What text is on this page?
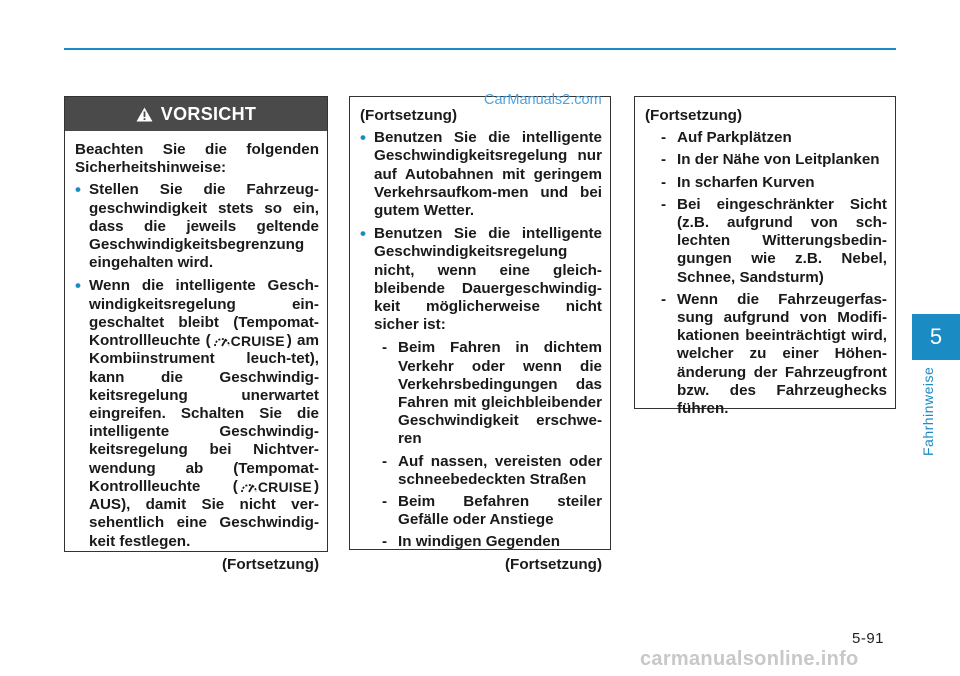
VORSICHT
Beachten Sie die folgenden Sicherheitshinweise:
• Stellen Sie die Fahrzeug-geschwindigkeit stets so ein, dass die jeweils geltende Geschwindigkeitsbegrenzung eingehalten wird.
• Wenn die intelligente Gesch-windigkeitsregelung ein-geschaltet bleibt (Tempomat-Kontrollleuchte ( CRUISE ) am Kombiinstrument leuch-tet), kann die Geschwindig-keitsregelung unerwartet eingreifen. Schalten Sie die intelligente Geschwindig-keitsregelung bei Nichtver-wendung ab (Tempomat-Kontrollleuchte ( CRUISE ) AUS), damit Sie nicht ver-sehentlich eine Geschwindig-keit festlegen.
(Fortsetzung)
(Fortsetzung)
• Benutzen Sie die intelligente Geschwindigkeitsregelung nur auf Autobahnen mit geringem Verkehrsaufkom-men und bei gutem Wetter.
• Benutzen Sie die intelligente Geschwindigkeitsregelung nicht, wenn eine gleich-bleibende Dauergeschwindig-keit möglicherweise nicht sicher ist:
- Beim Fahren in dichtem Verkehr oder wenn die Verkehrsbedingungen das Fahren mit gleichbleibender Geschwindigkeit erschwe-ren
- Auf nassen, vereisten oder schneebedeckten Straßen
- Beim Befahren steiler Gefälle oder Anstiege
- In windigen Gegenden
(Fortsetzung)
(Fortsetzung)
- Auf Parkplätzen
- In der Nähe von Leitplanken
- In scharfen Kurven
- Bei eingeschränkter Sicht (z.B. aufgrund von sch-lechten Witterungsbedin-gungen wie z.B. Nebel, Schnee, Sandsturm)
- Wenn die Fahrzeugerfas-sung aufgrund von Modifi-kationen beeinträchtigt wird, welcher zu einer Höhen-änderung der Fahrzeugfront bzw. des Fahrzeughecks führen.
CarManuals2.com
5
Fahrhinweise
5-91
carmanualsonline.info
